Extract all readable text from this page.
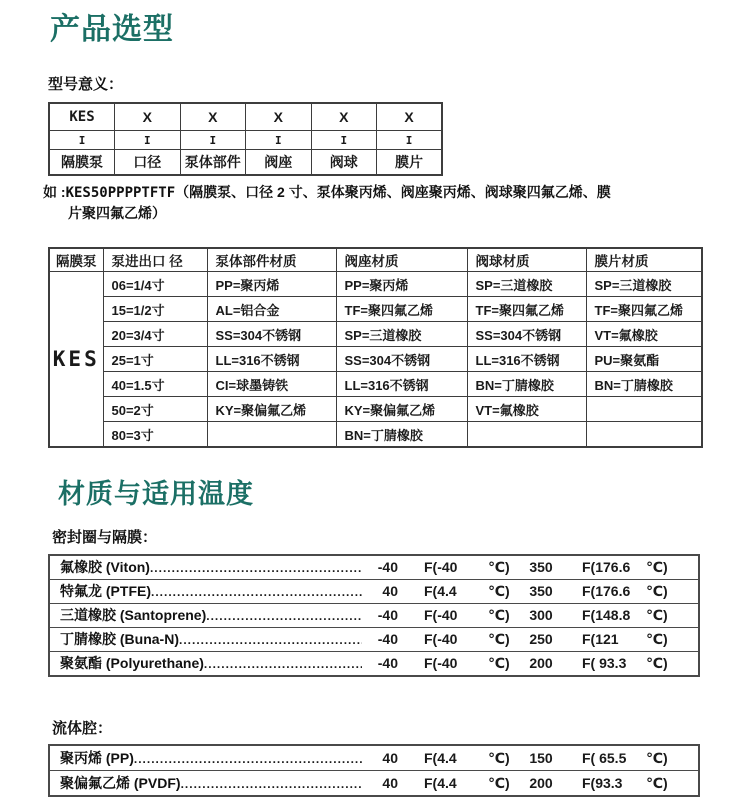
产品选型
型号意义：
KES	X	X	X	X	X
I	I	I	I	I	I
隔膜泵	口径	泵体部件	阀座	阀球	膜片
如 :KES50PPPPTFTF（隔膜泵、口径 2 寸、泵体聚丙烯、阀座聚丙烯、阀球聚四氟乙烯、膜
片聚四氟乙烯）
隔膜泵	泵进出口 径	泵体部件材质	阀座材质	阀球材质	膜片材质
KES	06=1/4寸	PP=聚丙烯	PP=聚丙烯	SP=三道橡胶	SP=三道橡胶
	15=1/2寸	AL=铝合金	TF=聚四氟乙烯	TF=聚四氟乙烯	TF=聚四氟乙烯
	20=3/4寸	SS=304不锈钢	SP=三道橡胶	SS=304不锈钢	VT=氟橡胶
	25=1寸	LL=316不锈钢	SS=304不锈钢	LL=316不锈钢	PU=聚氨酯
	40=1.5寸	CI=球墨铸铁	LL=316不锈钢	BN=丁腈橡胶	BN=丁腈橡胶
	50=2寸	KY=聚偏氟乙烯	KY=聚偏氟乙烯	VT=氟橡胶	
	80=3寸		BN=丁腈橡胶		
材质与适用温度
密封圈与隔膜：
氟橡胶 (Viton) .....	-40	F(-40	℃)	350	F(176.6	℃)
特氟龙 (PTFE) .....	40	F(4.4	℃)	350	F(176.6	℃)
三道橡胶 (Santoprene) .....	-40	F(-40	℃)	300	F(148.8	℃)
丁腈橡胶 (Buna-N) .....	-40	F(-40	℃)	250	F(121	℃)
聚氨酯 (Polyurethane) .....	-40	F(-40	℃)	200	F( 93.3	℃)
流体腔：
聚丙烯 (PP) .....	40	F(4.4	℃)	150	F( 65.5	℃)
聚偏氟乙烯 (PVDF) .....	40	F(4.4	℃)	200	F(93.3	℃)
